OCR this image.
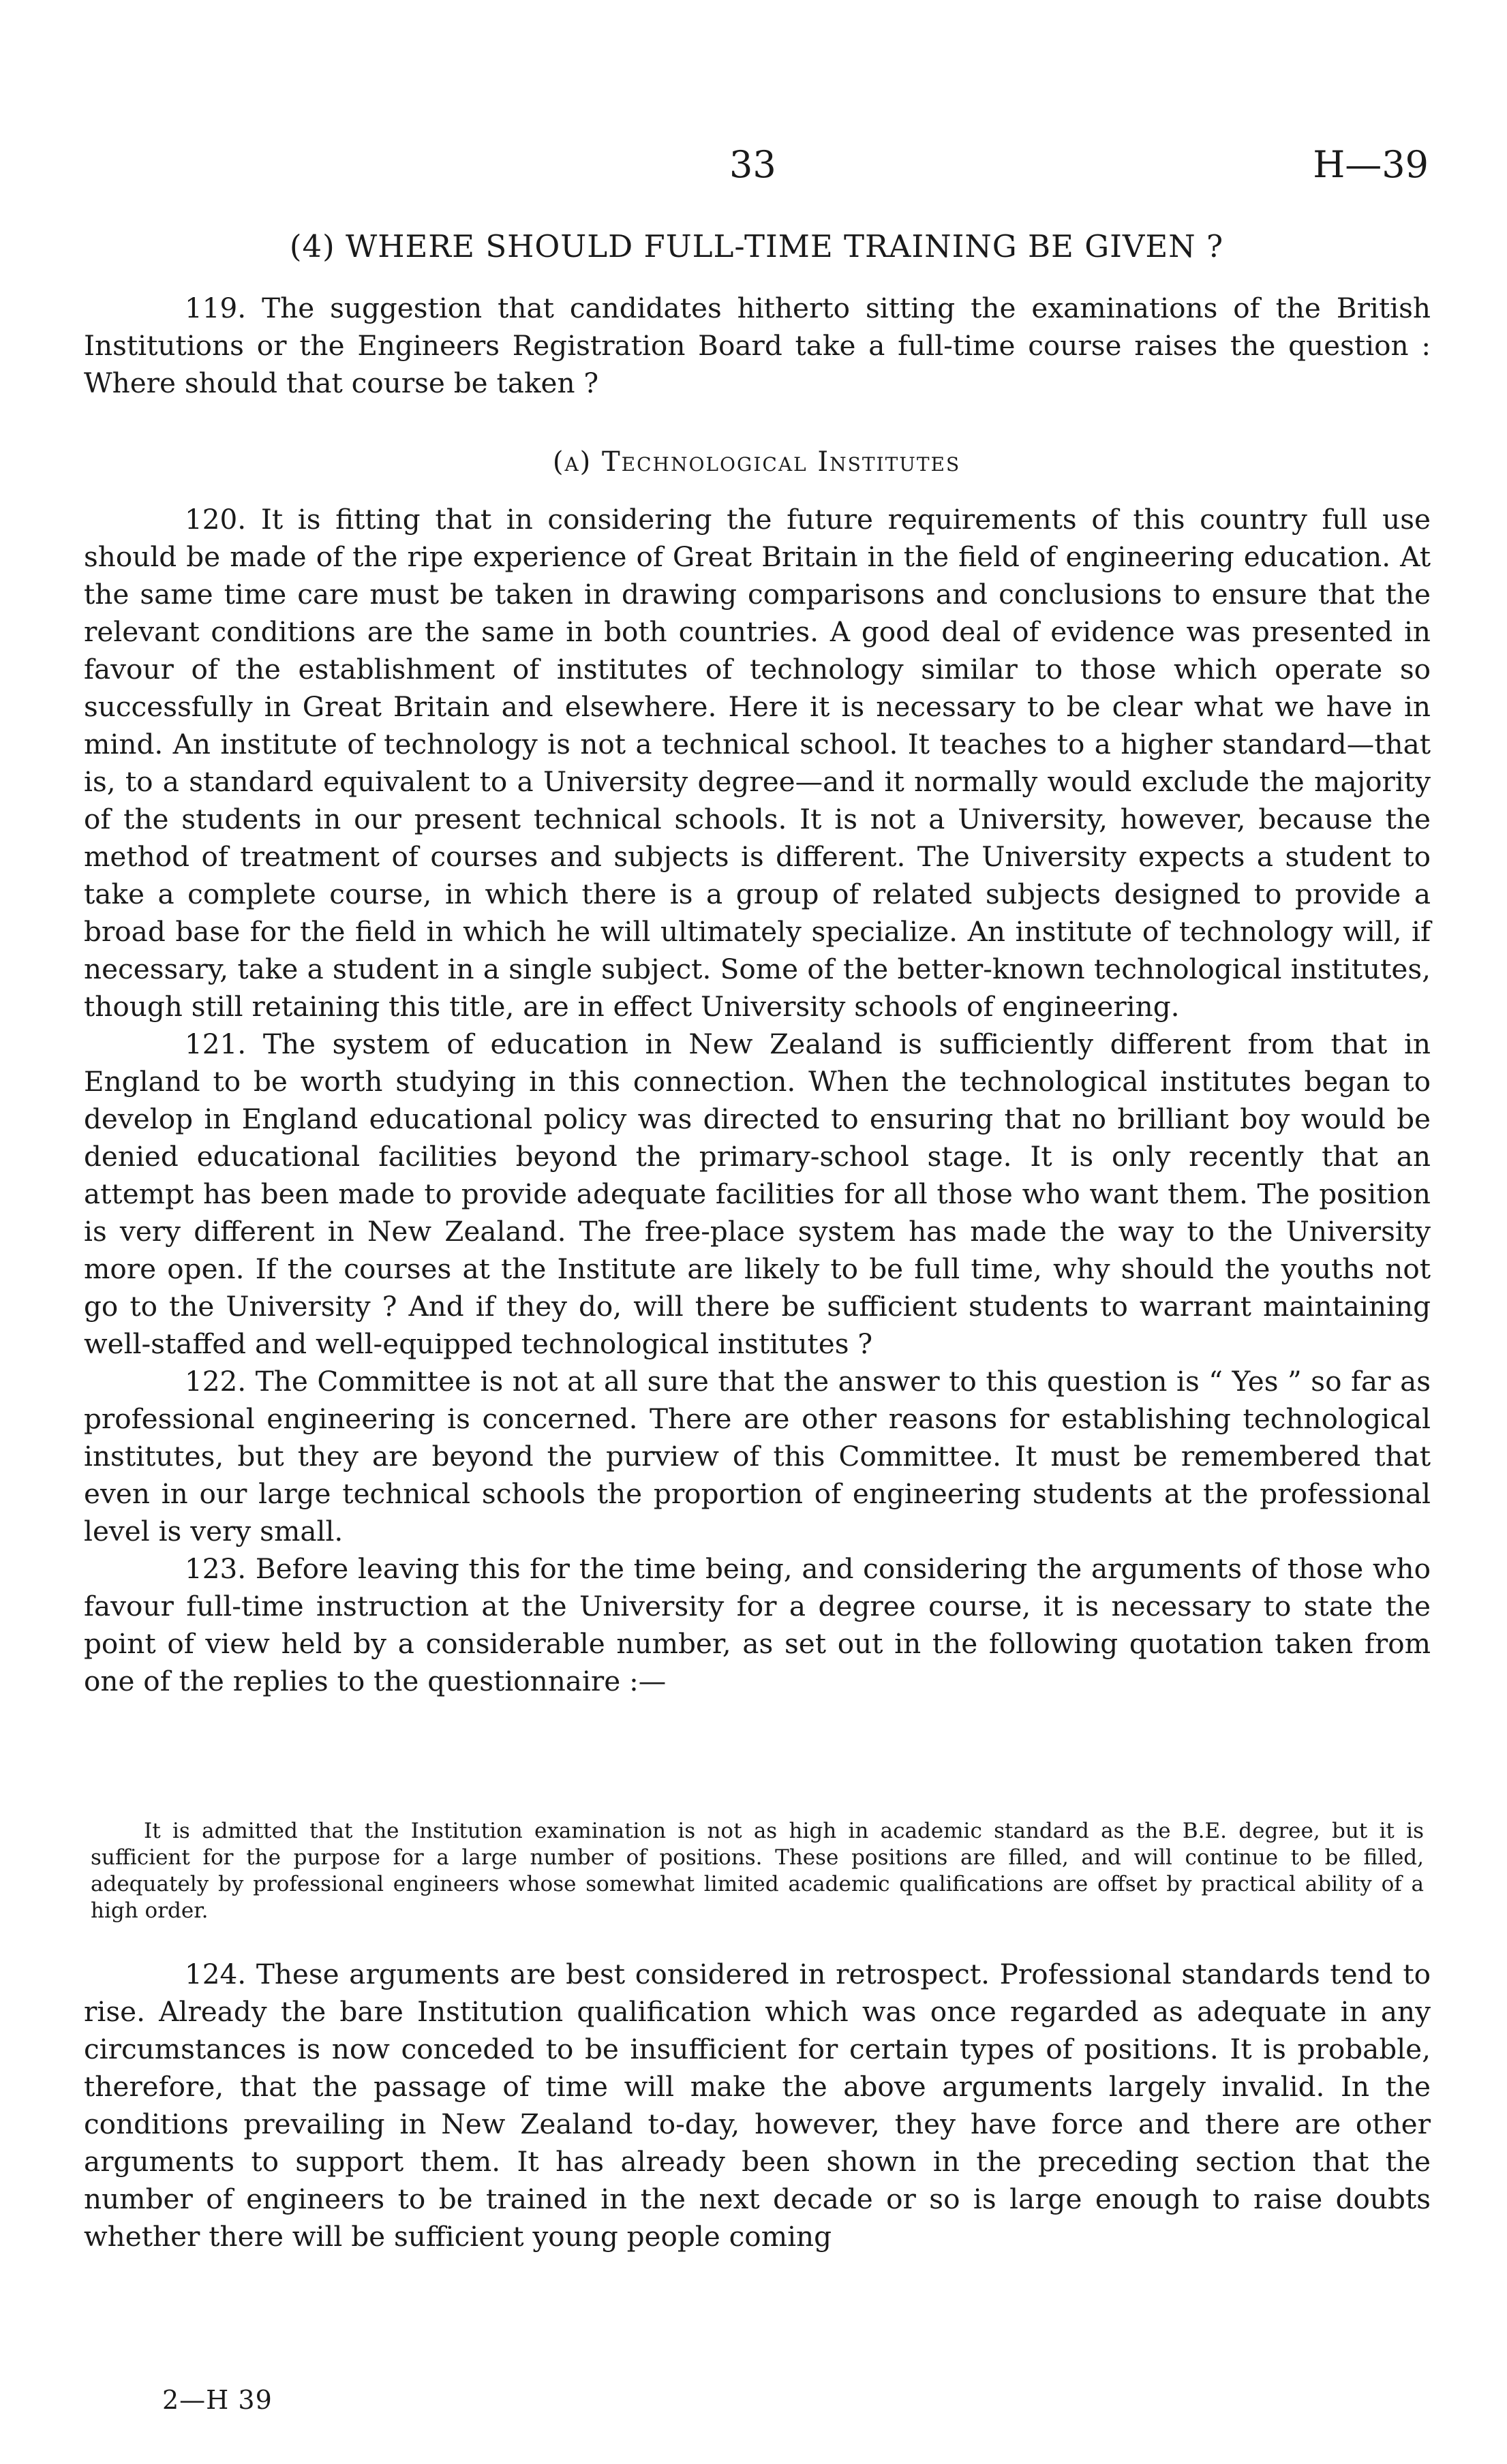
33	H—39
(4) WHERE SHOULD FULL-TIME TRAINING BE GIVEN ?

119. The suggestion that candidates hitherto sitting the examinations of the British Institutions or the Engineers Registration Board take a full-time course raises the question : Where should that course be taken ?

(a) Technological Institutes

120. It is fitting that in considering the future requirements of this country full use should be made of the ripe experience of Great Britain in the field of engineering education. At the same time care must be taken in drawing comparisons and conclusions to ensure that the relevant conditions are the same in both countries. A good deal of evidence was presented in favour of the establishment of institutes of technology similar to those which operate so successfully in Great Britain and elsewhere. Here it is necessary to be clear what we have in mind. An institute of technology is not a technical school. It teaches to a higher standard—that is, to a standard equivalent to a University degree—and it normally would exclude the majority of the students in our present technical schools. It is not a University, however, because the method of treatment of courses and subjects is different. The University expects a student to take a complete course, in which there is a group of related subjects designed to provide a broad base for the field in which he will ultimately specialize. An institute of technology will, if necessary, take a student in a single subject. Some of the better-known technological institutes, though still retaining this title, are in effect University schools of engineering.

121. The system of education in New Zealand is sufficiently different from that in England to be worth studying in this connection. When the technological institutes began to develop in England educational policy was directed to ensuring that no brilliant boy would be denied educational facilities beyond the primary-school stage. It is only recently that an attempt has been made to provide adequate facilities for all those who want them. The position is very different in New Zealand. The free-place system has made the way to the University more open. If the courses at the Institute are likely to be full time, why should the youths not go to the University ? And if they do, will there be sufficient students to warrant maintaining well-staffed and well-equipped technological institutes ?

122. The Committee is not at all sure that the answer to this question is “ Yes ” so far as professional engineering is concerned. There are other reasons for establishing technological institutes, but they are beyond the purview of this Committee. It must be remembered that even in our large technical schools the proportion of engineering students at the professional level is very small.

123. Before leaving this for the time being, and considering the arguments of those who favour full-time instruction at the University for a degree course, it is necessary to state the point of view held by a considerable number, as set out in the following quotation taken from one of the replies to the questionnaire :—

It is admitted that the Institution examination is not as high in academic standard as the B.E. degree, but it is sufficient for the purpose for a large number of positions. These positions are filled, and will continue to be filled, adequately by professional engineers whose somewhat limited academic qualifications are offset by practical ability of a high order.

124. These arguments are best considered in retrospect. Professional standards tend to rise. Already the bare Institution qualification which was once regarded as adequate in any circumstances is now conceded to be insufficient for certain types of positions. It is probable, therefore, that the passage of time will make the above arguments largely invalid. In the conditions prevailing in New Zealand to-day, however, they have force and there are other arguments to support them. It has already been shown in the preceding section that the number of engineers to be trained in the next decade or so is large enough to raise doubts whether there will be sufficient young people coming

2—H 39
